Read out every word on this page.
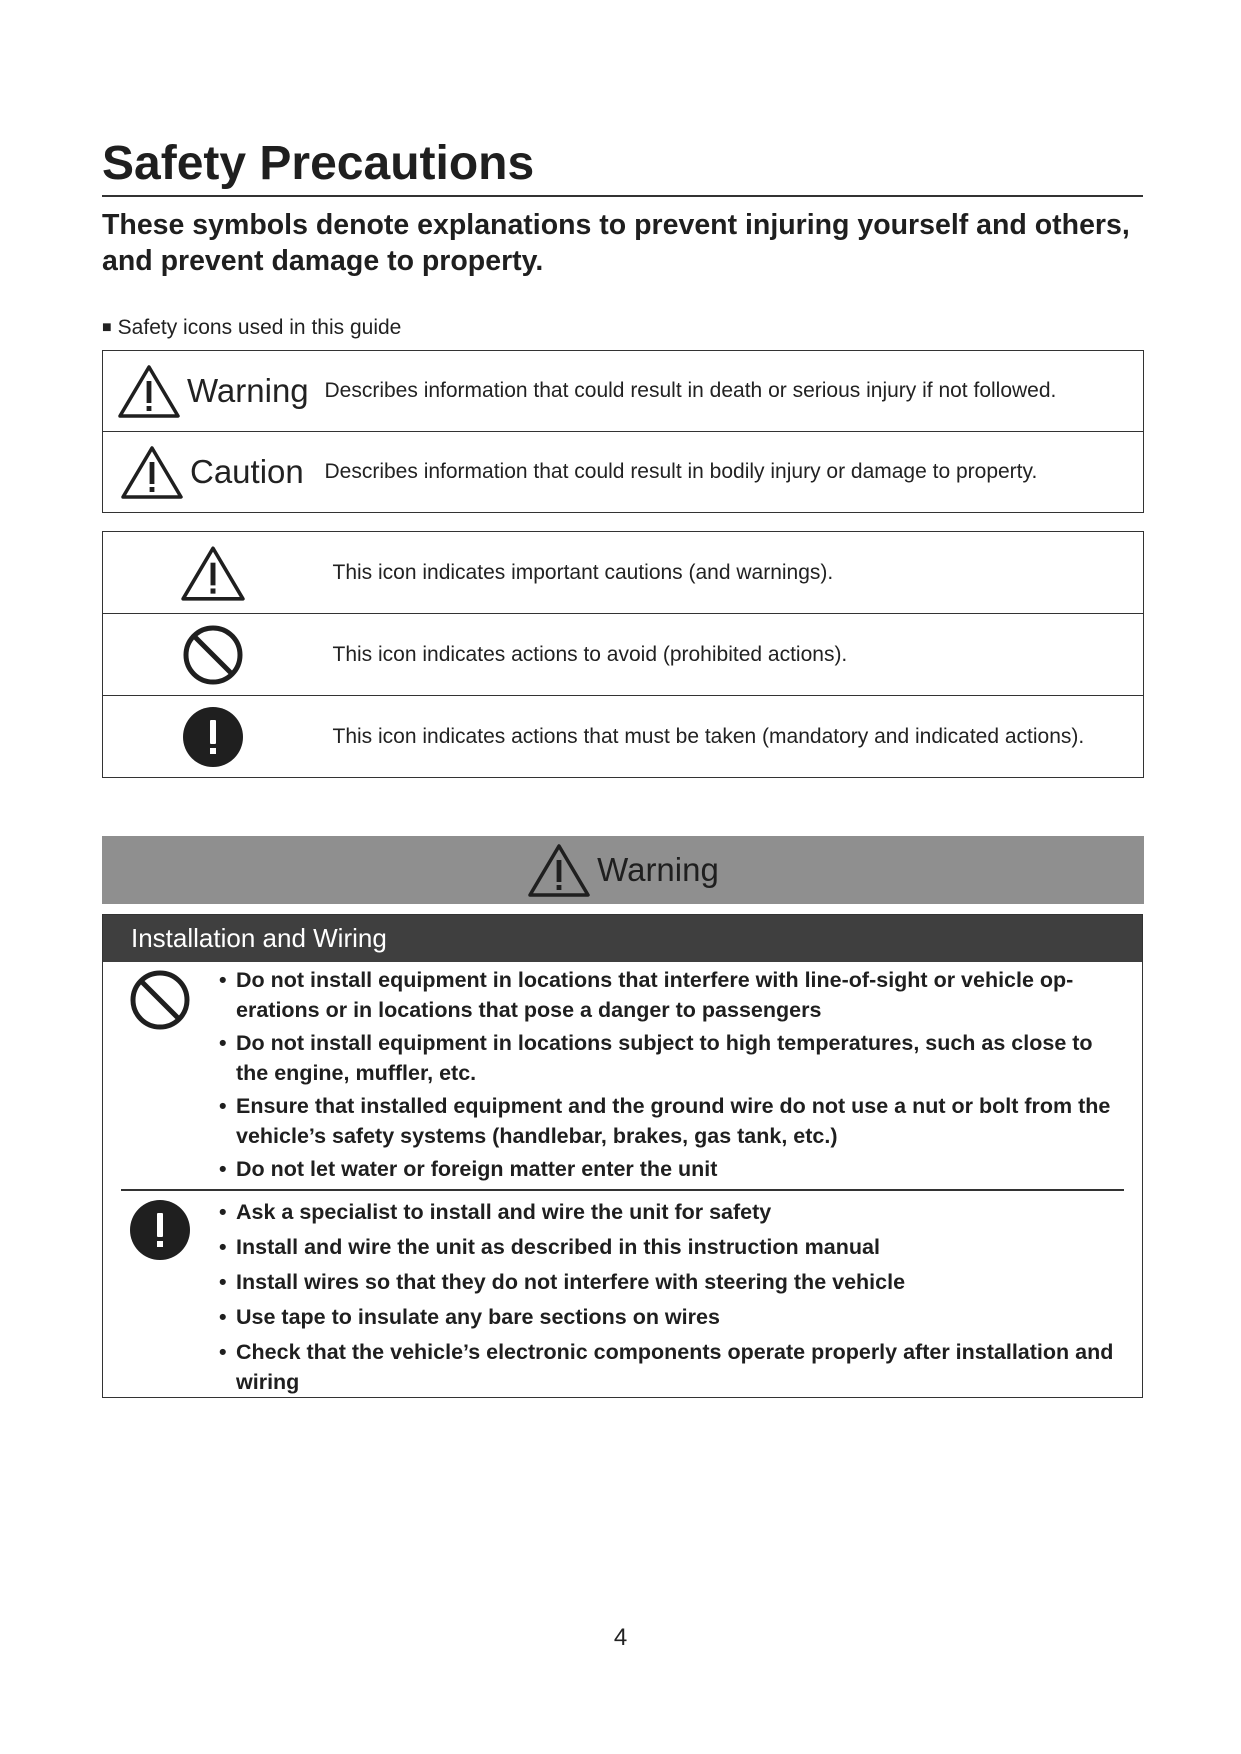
Safety Precautions

These symbols denote explanations to prevent injuring yourself and others, and prevent damage to property.

■ Safety icons used in this guide
Warning	Describes information that could result in death or serious injury if not followed.

Caution	Describes information that could result in bodily injury or damage to property.
	This icon indicates important cautions (and warnings).
	This icon indicates actions to avoid (prohibited actions).
	This icon indicates actions that must be taken (mandatory and indicated actions).
Warning
Installation and Wiring
• Do not install equipment in locations that interfere with line-of-sight or vehicle op-erations or in locations that pose a danger to passengers
• Do not install equipment in locations subject to high temperatures, such as close to the engine, muffler, etc.
• Ensure that installed equipment and the ground wire do not use a nut or bolt from the vehicle’s safety systems (handlebar, brakes, gas tank, etc.)
• Do not let water or foreign matter enter the unit
• Ask a specialist to install and wire the unit for safety
• Install and wire the unit as described in this instruction manual
• Install wires so that they do not interfere with steering the vehicle
• Use tape to insulate any bare sections on wires
• Check that the vehicle’s electronic components operate properly after installation and wiring
4
